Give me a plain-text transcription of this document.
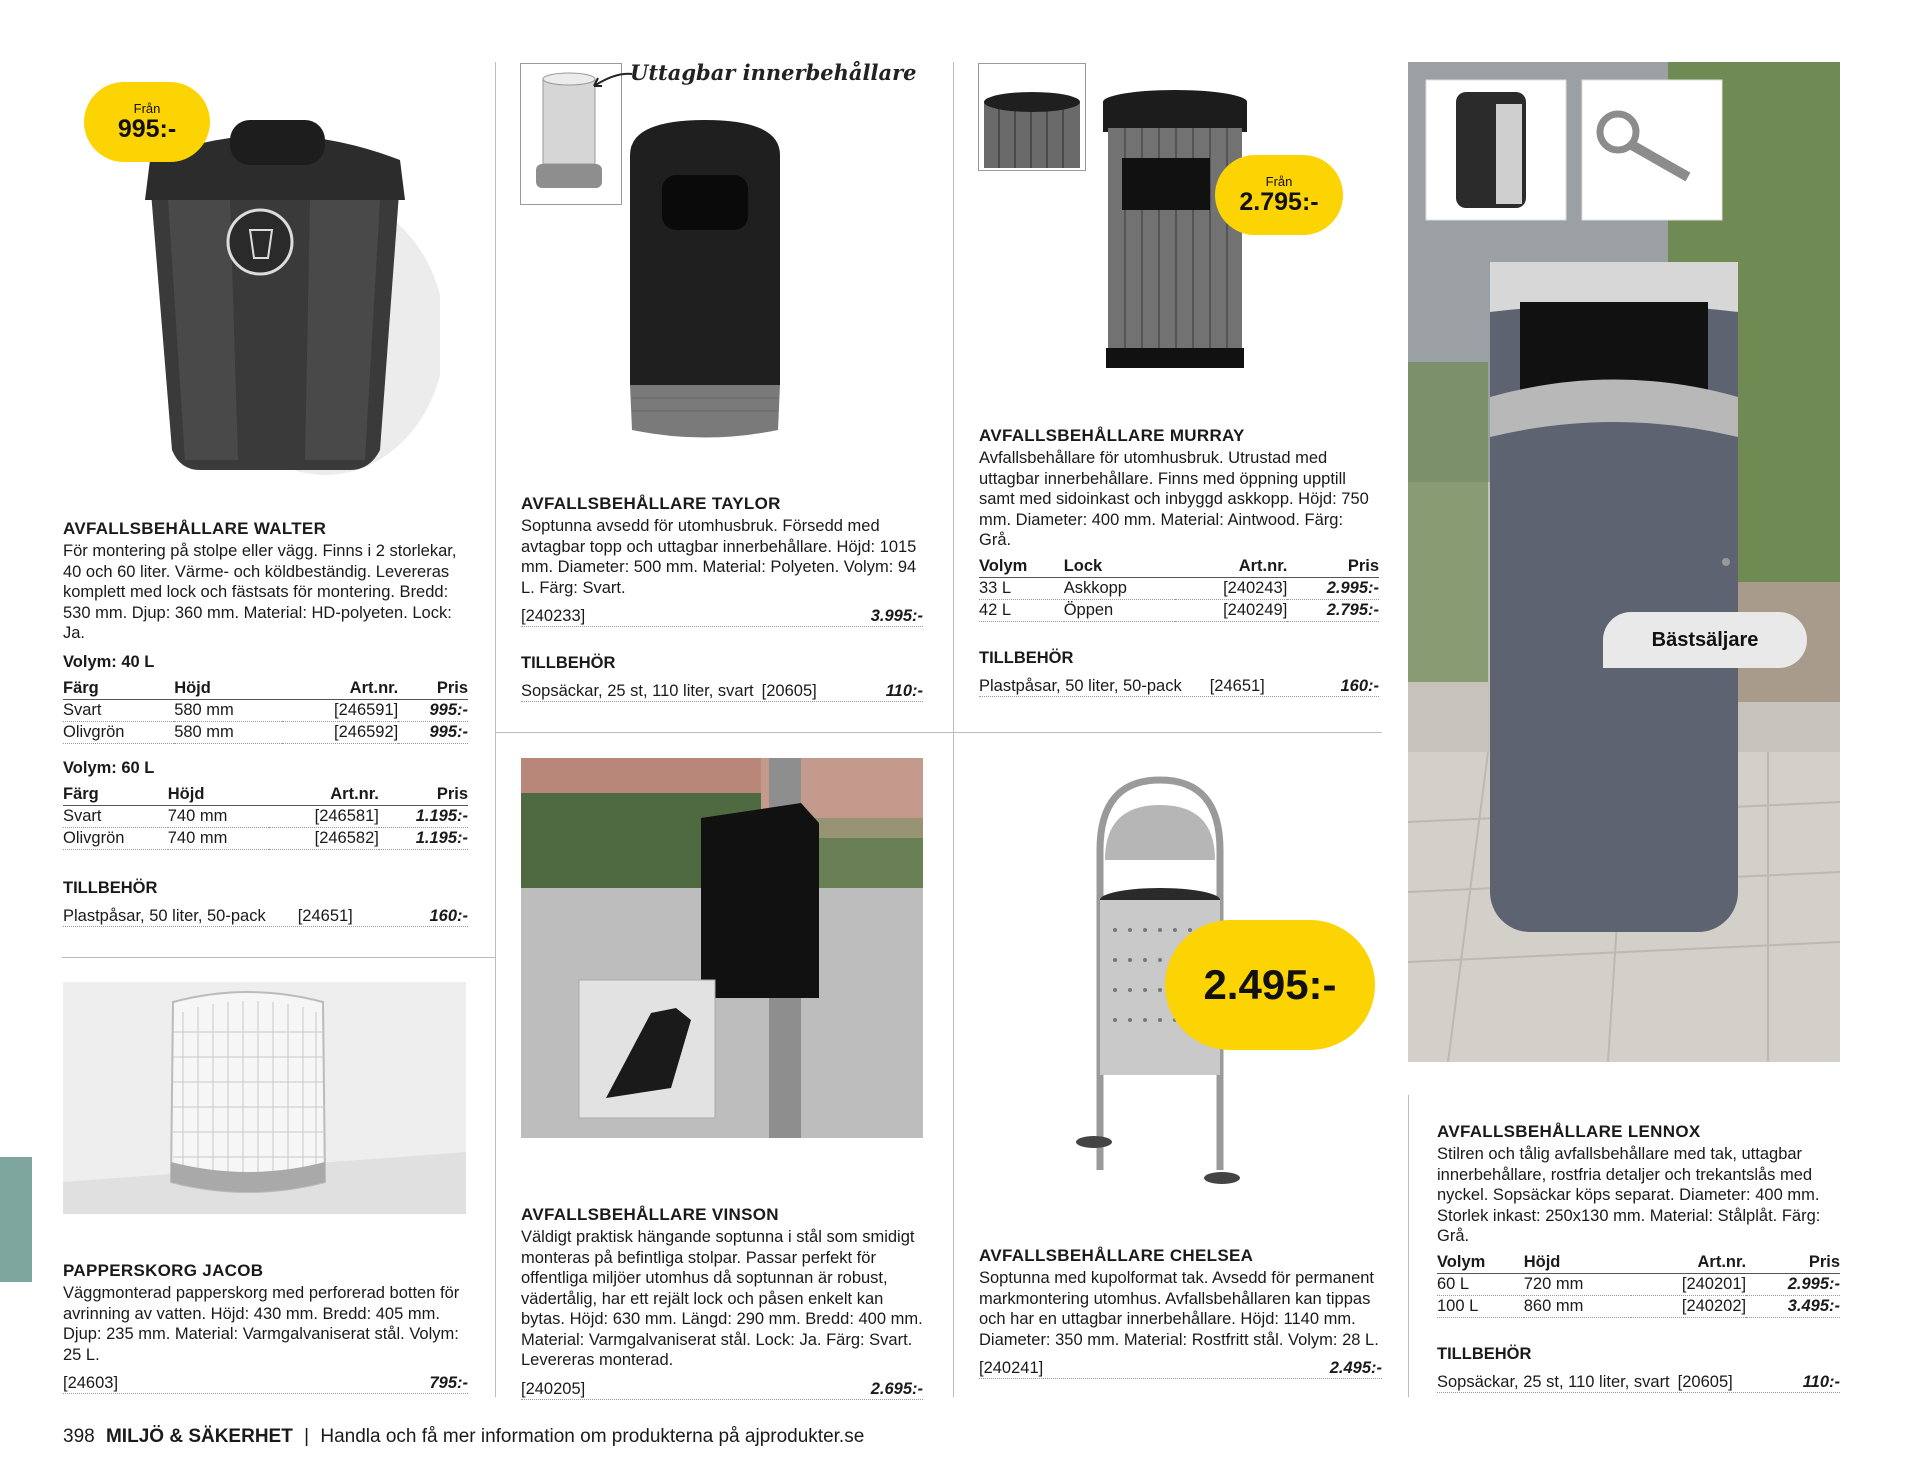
Från
995:-
AVFALLSBEHÅLLARE WALTER
För montering på stolpe eller vägg. Finns i 2 storlekar, 40 och 60 liter. Värme- och köldbeständig. Levereras komplett med lock och fästsats för montering. Bredd: 530 mm. Djup: 360 mm. Material: HD-polyeten. Lock: Ja.
Volym: 40 L
Färg	Höjd	Art.nr.	Pris
Svart	580 mm	[246591]	995:-
Olivgrön	580 mm	[246592]	995:-
Volym: 60 L
Färg	Höjd	Art.nr.	Pris
Svart	740 mm	[246581]	1.195:-
Olivgrön	740 mm	[246582]	1.195:-
TILLBEHÖR
Plastpåsar, 50 liter, 50-pack [24651]	160:-
PAPPERSKORG JACOB
Väggmonterad papperskorg med perforerad botten för avrinning av vatten. Höjd: 430 mm. Bredd: 405 mm. Djup: 235 mm. Material: Varmgalvaniserat stål. Volym: 25 L.
[24603]	795:-
Uttagbar innerbehållare
AVFALLSBEHÅLLARE TAYLOR
Soptunna avsedd för utomhusbruk. Försedd med avtagbar topp och uttagbar innerbehållare. Höjd: 1015 mm. Diameter: 500 mm. Material: Polyeten. Volym: 94 L. Färg: Svart.
[240233]	3.995:-
TILLBEHÖR
Sopsäckar, 25 st, 110 liter, svart [20605]	110:-
AVFALLSBEHÅLLARE VINSON
Väldigt praktisk hängande soptunna i stål som smidigt monteras på befintliga stolpar. Passar perfekt för offentliga miljöer utomhus då soptunnan är robust, vädertålig, har ett rejält lock och påsen enkelt kan bytas. Höjd: 630 mm. Längd: 290 mm. Bredd: 400 mm. Material: Varmgalvaniserat stål. Lock: Ja. Färg: Svart. Levereras monterad.
[240205]	2.695:-
Från
2.795:-
AVFALLSBEHÅLLARE MURRAY
Avfallsbehållare för utomhusbruk. Utrustad med uttagbar innerbehållare. Finns med öppning upptill samt med sidoinkast och inbyggd askkopp. Höjd: 750 mm. Diameter: 400 mm. Material: Aintwood. Färg: Grå.
Volym	Lock	Art.nr.	Pris
33 L	Askkopp	[240243]	2.995:-
42 L	Öppen	[240249]	2.795:-
TILLBEHÖR
Plastpåsar, 50 liter, 50-pack [24651]	160:-
2.495:-
AVFALLSBEHÅLLARE CHELSEA
Soptunna med kupolformat tak. Avsedd för permanent markmontering utomhus. Avfallsbehållaren kan tippas och har en uttagbar innerbehållare. Höjd: 1140 mm. Diameter: 350 mm. Material: Rostfritt stål. Volym: 28 L.
[240241]	2.495:-
Bästsäljare
AVFALLSBEHÅLLARE LENNOX
Stilren och tålig avfallsbehållare med tak, uttagbar innerbehållare, rostfria detaljer och trekantslås med nyckel. Sopsäckar köps separat. Diameter: 400 mm. Storlek inkast: 250x130 mm. Material: Stålplåt. Färg: Grå.
Volym	Höjd	Art.nr.	Pris
60 L	720 mm	[240201]	2.995:-
100 L	860 mm	[240202]	3.495:-
TILLBEHÖR
Sopsäckar, 25 st, 110 liter, svart [20605]	110:-
398 MILJÖ & SÄKERHET | Handla och få mer information om produkterna på ajprodukter.se
